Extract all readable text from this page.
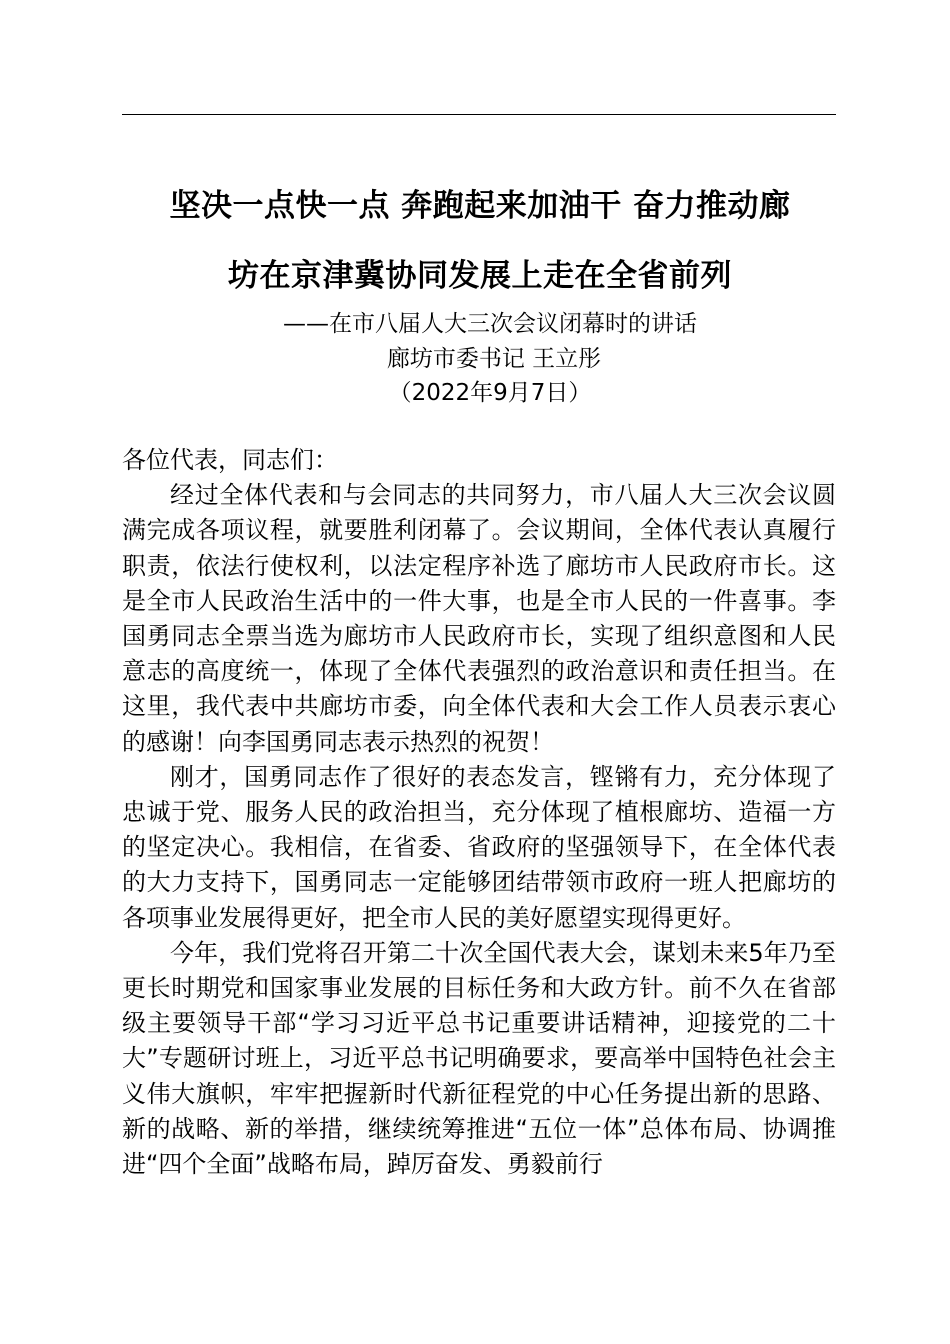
坚决一点快一点 奔跑起来加油干 奋力推动廊
坊在京津冀协同发展上走在全省前列
——在市八届人大三次会议闭幕时的讲话
廊坊市委书记 王立彤
（2022年9月7日）

各位代表，同志们：

经过全体代表和与会同志的共同努力，市八届人大三次会议圆满完成各项议程，就要胜利闭幕了。会议期间，全体代表认真履行职责，依法行使权利，以法定程序补选了廊坊市人民政府市长。这是全市人民政治生活中的一件大事，也是全市人民的一件喜事。李国勇同志全票当选为廊坊市人民政府市长，实现了组织意图和人民意志的高度统一，体现了全体代表强烈的政治意识和责任担当。在这里，我代表中共廊坊市委，向全体代表和大会工作人员表示衷心的感谢！向李国勇同志表示热烈的祝贺！

刚才，国勇同志作了很好的表态发言，铿锵有力，充分体现了忠诚于党、服务人民的政治担当，充分体现了植根廊坊、造福一方的坚定决心。我相信，在省委、省政府的坚强领导下，在全体代表的大力支持下，国勇同志一定能够团结带领市政府一班人把廊坊的各项事业发展得更好，把全市人民的美好愿望实现得更好。

今年，我们党将召开第二十次全国代表大会，谋划未来5年乃至更长时期党和国家事业发展的目标任务和大政方针。前不久在省部级主要领导干部“学习习近平总书记重要讲话精神，迎接党的二十大”专题研讨班上，习近平总书记明确要求，要高举中国特色社会主义伟大旗帜，牢牢把握新时代新征程党的中心任务提出新的思路、新的战略、新的举措，继续统筹推进“五位一体”总体布局、协调推进“四个全面”战略布局，踔厉奋发、勇毅前行
